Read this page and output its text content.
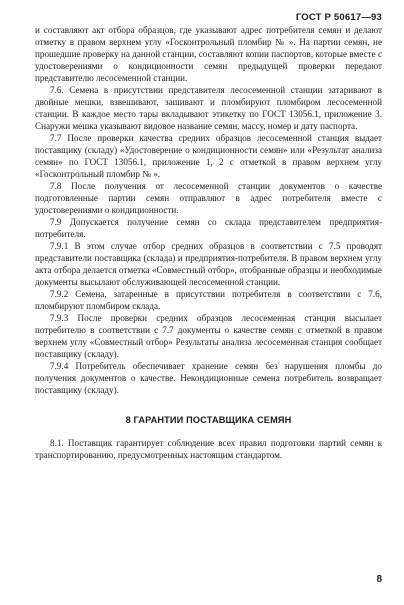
ГОСТ Р 50617—93

и составляют акт отбора образцов, где указывают адрес потребителя семян и делают отметку в правом верхнем углу «Госконтрольный пломбир № ». На партии семян, не прошедшие проверку на данной станции, составляют копии паспортов, которые вместе с удостоверениями о кондиционности семян предыдущей проверки передают представителю лесосеменной станции.

7.6. Семена в присутствии представителя лесосеменной станции затаривают в двойные мешки, взвешивают, зашивают и пломбируют пломбиром лесосеменной станции. В каждое место тары вкладывают этикетку по ГОСТ 13056.1, приложение 3. Снаружи мешка указывают видовое название семян, массу, номер и дату паспорта.

7.7 После проверки качества средних образцов лесосеменной станция выдает поставщику (складу) «Удостоверение о кондиционности семян» или «Результат анализа семян» по ГОСТ 13056.1, приложение 1, 2 с отметкой в правом верхнем углу «Госконтрольный пломбир № ».

7.8 После получения от лесосеменной станции документов о качестве подготовленные партии семян отправляют в адрес потребителя вместе с удостоверениями о кондиционности.

7.9 Допускается получение семян со склада представителем предприятия-потребителя.

7.9.1 В этом случае отбор средних образцов в соответствии с 7.5 проводят представители поставщика (склада) и предприятия-потребителя. В правом верхнем углу акта отбора делается отметка «Совместный отбор», отобранные образцы и необходимые документы высылают обслуживающей лесосеменной станции.

7.9.2 Семена, затаренные в присутствии потребителя в соответствии с 7.6, пломбируют пломбиром склада.

7.9.3 После проверки средних образцов лесосеменная станция высылает потребителю в соответствии с 7.7 документы о качестве семян с отметкой в правом верхнем углу «Совместный отбор» Результаты анализа лесосеменная станция сообщает поставщику (складу).

7.9.4 Потребитель обеспечивает хранение семян без нарушения пломбы до получения документов о качестве. Некондиционные семена потребитель возвращает поставщику (складу).

8 ГАРАНТИИ ПОСТАВЩИКА СЕМЯН

8.1. Поставщик гарантирует соблюдение всех правил подготовки партий семян к транспортированию, предусмотренных настоящим стандартом.

8
